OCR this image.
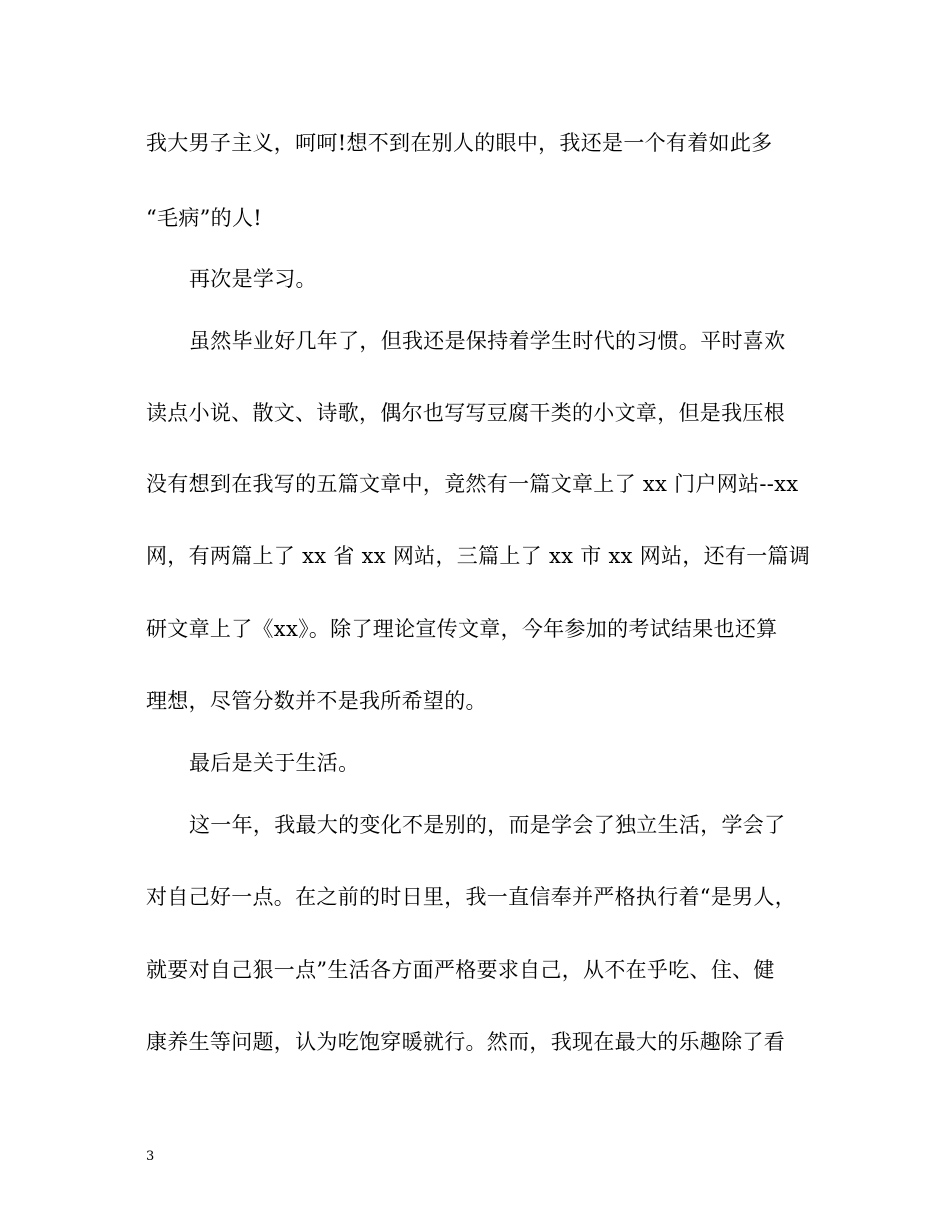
我大男子主义，呵呵!想不到在别人的眼中，我还是一个有着如此多
“毛病”的人!
再次是学习。
虽然毕业好几年了，但我还是保持着学生时代的习惯。平时喜欢
读点小说、散文、诗歌，偶尔也写写豆腐干类的小文章，但是我压根
没有想到在我写的五篇文章中，竟然有一篇文章上了 xx 门户网站--xx
网，有两篇上了 xx 省 xx 网站，三篇上了 xx 市 xx 网站，还有一篇调
研文章上了《xx》。除了理论宣传文章，今年参加的考试结果也还算
理想，尽管分数并不是我所希望的。
最后是关于生活。
这一年，我最大的变化不是别的，而是学会了独立生活，学会了
对自己好一点。在之前的时日里，我一直信奉并严格执行着“是男人，
就要对自己狠一点”生活各方面严格要求自己，从不在乎吃、住、健
康养生等问题，认为吃饱穿暖就行。然而，我现在最大的乐趣除了看
3
